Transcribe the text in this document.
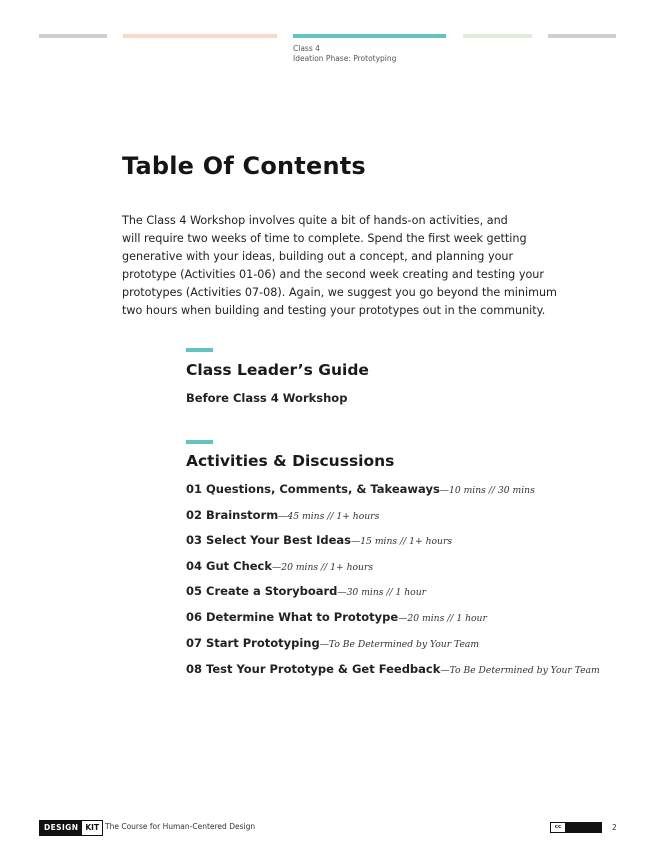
Class 4
Ideation Phase: Prototyping
Table Of Contents

The Class 4 Workshop involves quite a bit of hands-on activities, and
will require two weeks of time to complete. Spend the first week getting
generative with your ideas, building out a concept, and planning your
prototype (Activities 01-06) and the second week creating and testing your
prototypes (Activities 07-08). Again, we suggest you go beyond the minimum
two hours when building and testing your prototypes out in the community.

Class Leader’s Guide
Before Class 4 Workshop
Activities & Discussions
01 Questions, Comments, & Takeaways—10 mins // 30 mins
02 Brainstorm—45 mins // 1+ hours
03 Select Your Best Ideas—15 mins // 1+ hours
04 Gut Check—20 mins // 1+ hours
05 Create a Storyboard—30 mins // 1 hour
06 Determine What to Prototype—20 mins // 1 hour
07 Start Prototyping—To Be Determined by Your Team
08 Test Your Prototype & Get Feedback—To Be Determined by Your Team
DESIGN KIT The Course for Human-Centered Design	cc	2
